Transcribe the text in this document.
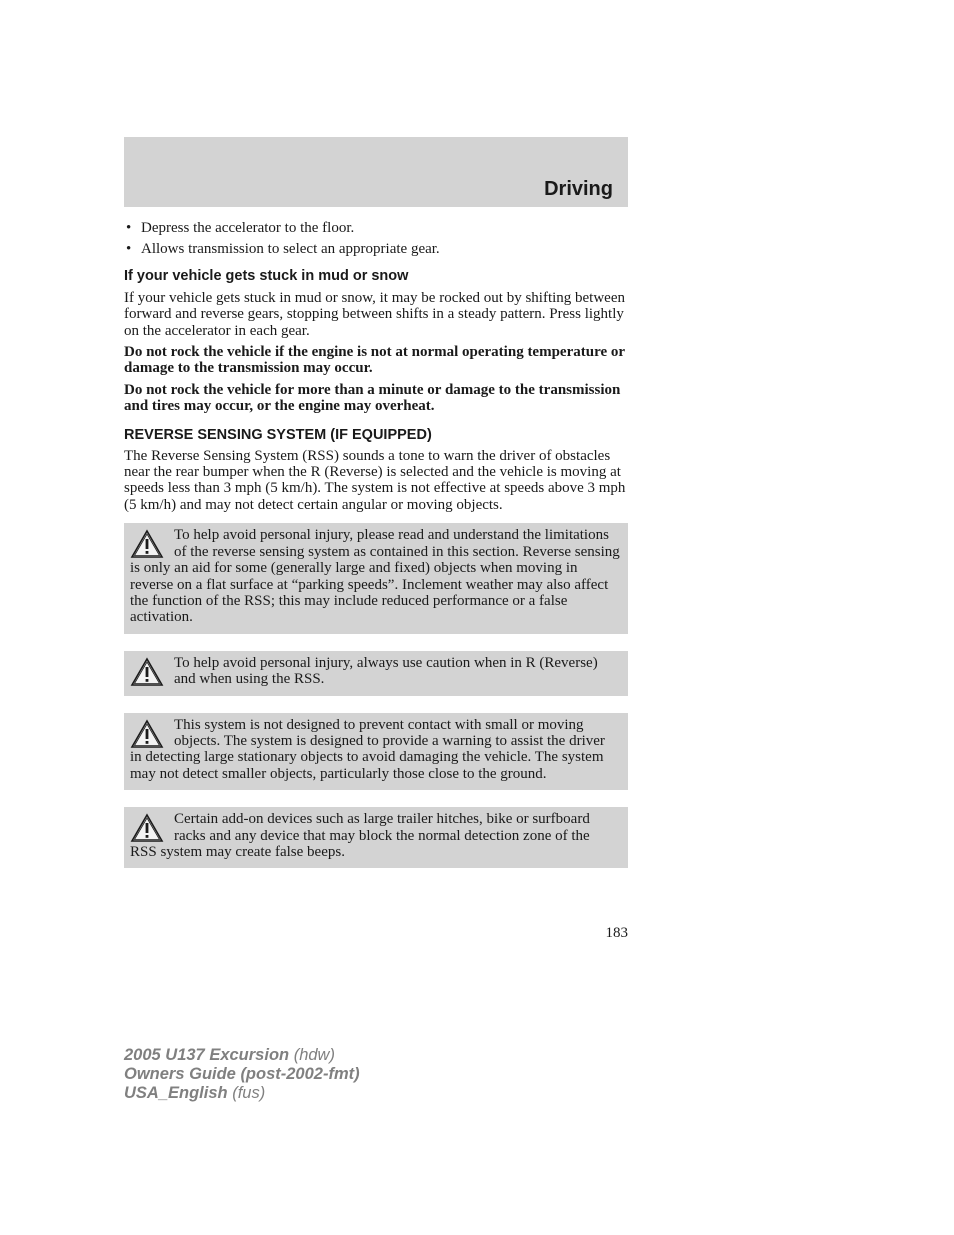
Driving
• Depress the accelerator to the floor.
• Allows transmission to select an appropriate gear.
If your vehicle gets stuck in mud or snow

If your vehicle gets stuck in mud or snow, it may be rocked out by shifting between forward and reverse gears, stopping between shifts in a steady pattern. Press lightly on the accelerator in each gear.

Do not rock the vehicle if the engine is not at normal operating temperature or damage to the transmission may occur.

Do not rock the vehicle for more than a minute or damage to the transmission and tires may occur, or the engine may overheat.

REVERSE SENSING SYSTEM (IF EQUIPPED)

The Reverse Sensing System (RSS) sounds a tone to warn the driver of obstacles near the rear bumper when the R (Reverse) is selected and the vehicle is moving at speeds less than 3 mph (5 km/h). The system is not effective at speeds above 3 mph (5 km/h) and may not detect certain angular or moving objects.

To help avoid personal injury, please read and understand the limitations of the reverse sensing system as contained in this section. Reverse sensing is only an aid for some (generally large and fixed) objects when moving in reverse on a flat surface at “parking speeds”. Inclement weather may also affect the function of the RSS; this may include reduced performance or a false activation.
To help avoid personal injury, always use caution when in R (Reverse) and when using the RSS.
This system is not designed to prevent contact with small or moving objects. The system is designed to provide a warning to assist the driver in detecting large stationary objects to avoid damaging the vehicle. The system may not detect smaller objects, particularly those close to the ground.
Certain add-on devices such as large trailer hitches, bike or surfboard racks and any device that may block the normal detection zone of the RSS system may create false beeps.
183
2005 U137 Excursion (hdw)
Owners Guide (post-2002-fmt)
USA_English (fus)
